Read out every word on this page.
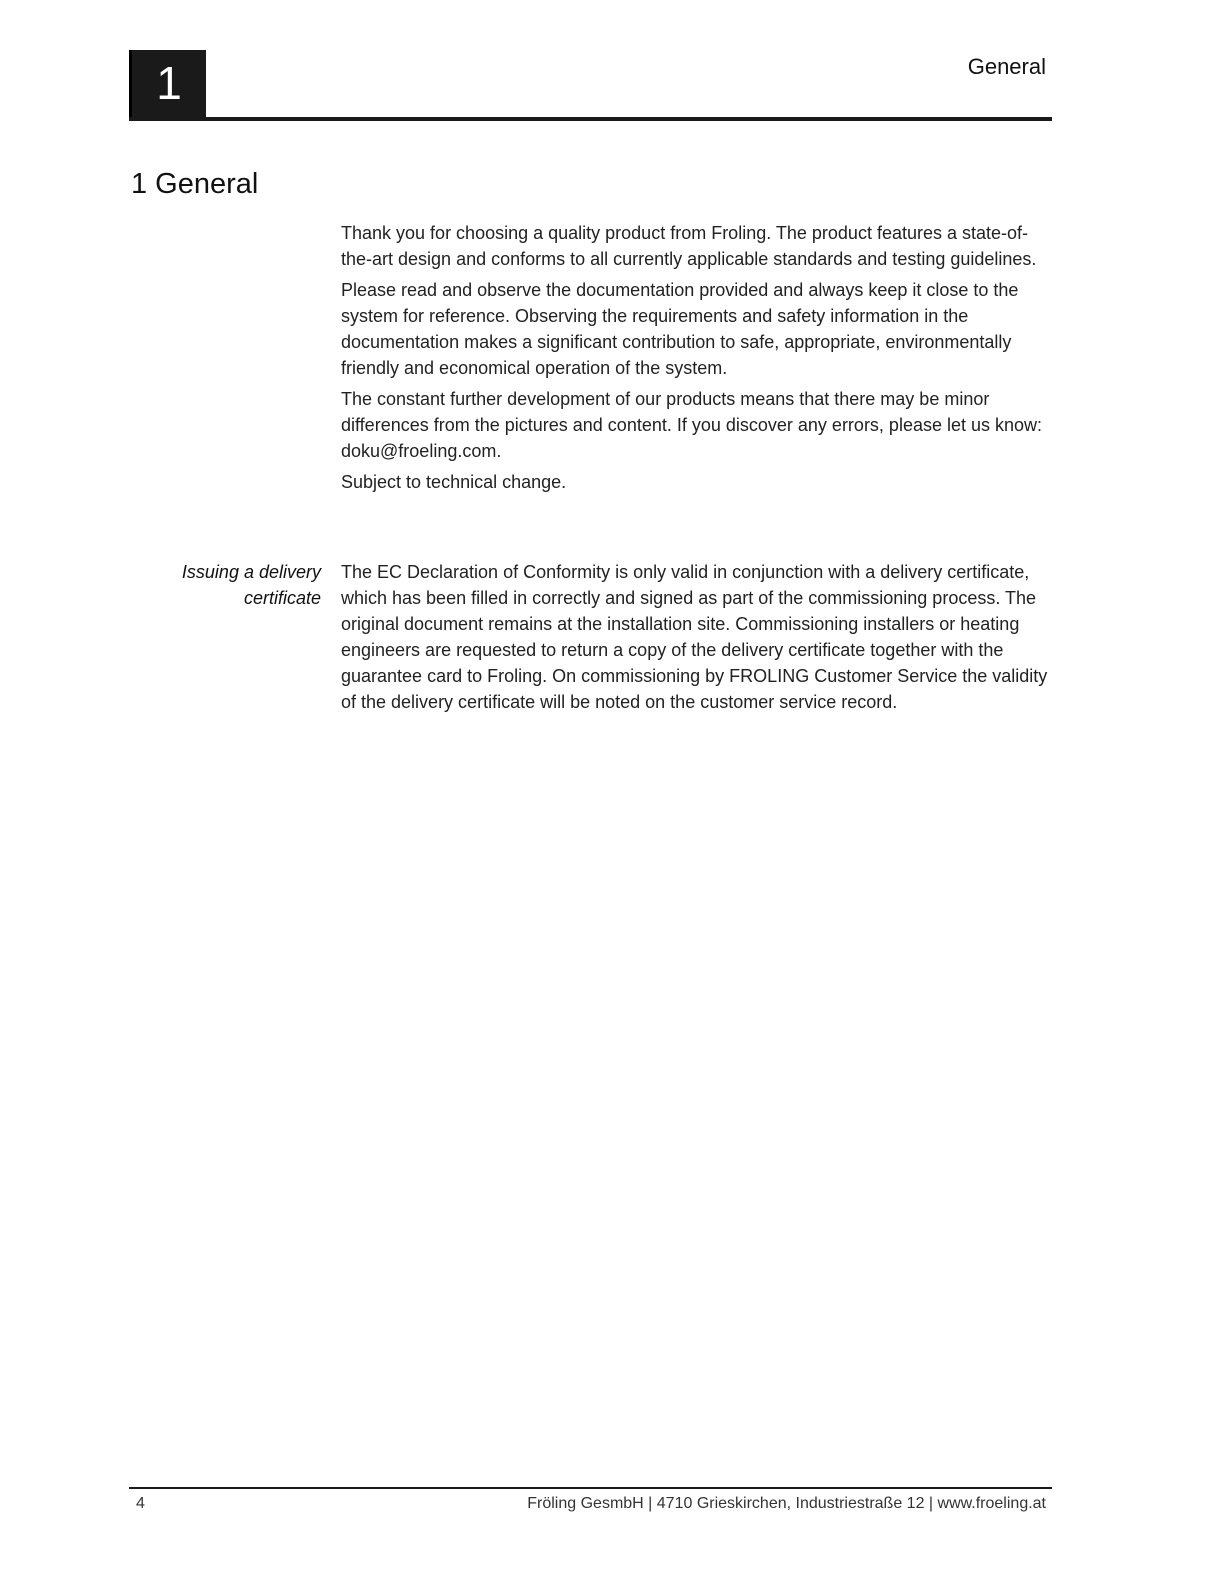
1	General
1 General

Thank you for choosing a quality product from Froling. The product features a state-of-the-art design and conforms to all currently applicable standards and testing guidelines.

Please read and observe the documentation provided and always keep it close to the system for reference. Observing the requirements and safety information in the documentation makes a significant contribution to safe, appropriate, environmentally friendly and economical operation of the system.

The constant further development of our products means that there may be minor differences from the pictures and content. If you discover any errors, please let us know: doku@froeling.com.

Subject to technical change.

Issuing a delivery certificate

The EC Declaration of Conformity is only valid in conjunction with a delivery certificate, which has been filled in correctly and signed as part of the commissioning process. The original document remains at the installation site. Commissioning installers or heating engineers are requested to return a copy of the delivery certificate together with the guarantee card to Froling. On commissioning by FROLING Customer Service the validity of the delivery certificate will be noted on the customer service record.

4	Fröling GesmbH | 4710 Grieskirchen, Industriestraße 12 | www.froeling.at
